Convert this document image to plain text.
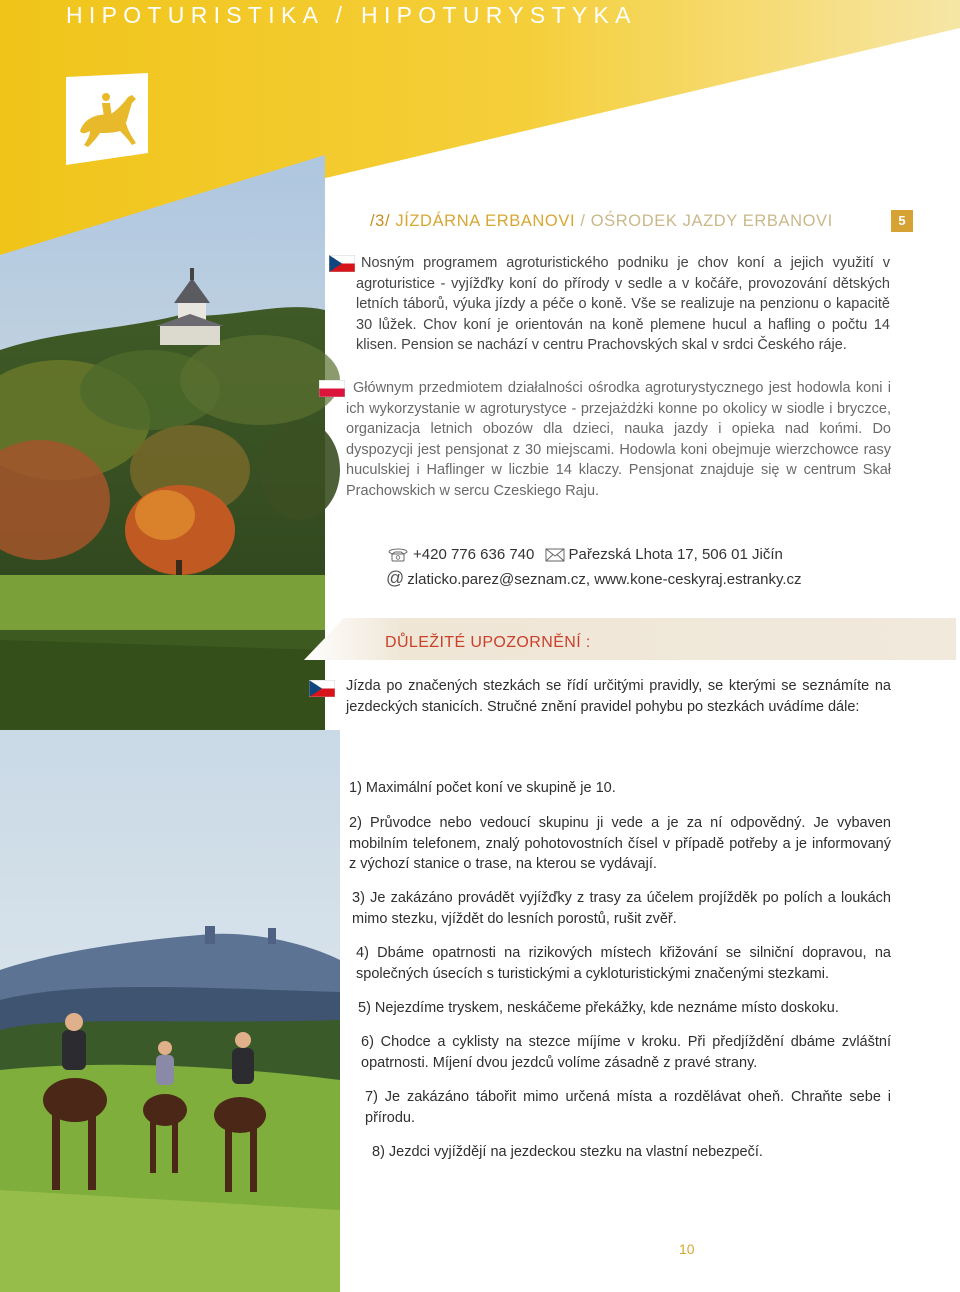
HIPOTURISTIKA / HIPOTURYSTYKA
/3/ JÍZDÁRNA ERBANOVI / OŚRODEK JAZDY ERBANOVI	5

Nosným programem agroturistického podniku je chov koní a jejich využití v agroturistice - vyjížďky koní do přírody v sedle a v kočáře, provozování dětských letních táborů, výuka jízdy a péče o koně. Vše se realizuje na penzionu o kapacitě 30 lůžek. Chov koní je orientován na koně plemene hucul a hafling o počtu 14 klisen. Pension se nachází v centru Prachovských skal v srdci Českého ráje.

Głównym przedmiotem działalności ośrodka agroturystycznego jest hodowla koni i ich wykorzystanie w agroturystyce - przejażdżki konne po okolicy w siodle i bryczce, organizacja letnich obozów dla dzieci, nauka jazdy i opieka nad końmi. Do dyspozycji jest pensjonat z 30 miejscami. Hodowla koni obejmuje wierzchowce rasy huculskiej i Haflinger w liczbie 14 klaczy. Pensjonat znajduje się w centrum Skał Prachowskich w sercu Czeskiego Raju.

+420 776 636 740 Pařezská Lhota 17, 506 01 Jičín
@ zlaticko.parez@seznam.cz, www.kone-ceskyraj.estranky.cz
DŮLEŽITÉ UPOZORNĚNÍ :

Jízda po značených stezkách se řídí určitými pravidly, se kterými se seznámíte na jezdeckých stanicích. Stručné znění pravidel pohybu po stezkách uvádíme dále:

1) Maximální počet koní ve skupině je 10.

2) Průvodce nebo vedoucí skupinu ji vede a je za ní odpovědný. Je vybaven mobilním telefonem, znalý pohotovostních čísel v případě potřeby a je informovaný z výchozí stanice o trase, na kterou se vydávají.

3) Je zakázáno provádět vyjížďky z trasy za účelem projížděk po polích a loukách mimo stezku, vjíždět do lesních porostů, rušit zvěř.

4) Dbáme opatrnosti na rizikových místech křižování se silniční dopravou, na společných úsecích s turistickými a cykloturistickými značenými stezkami.

5) Nejezdíme tryskem, neskáčeme překážky, kde neznáme místo doskoku.

6) Chodce a cyklisty na stezce míjíme v kroku. Při předjíždění dbáme zvláštní opatrnosti. Míjení dvou jezdců volíme zásadně z pravé strany.

7) Je zakázáno tábořit mimo určená místa a rozdělávat oheň. Chraňte sebe i přírodu.

8) Jezdci vyjíždějí na jezdeckou stezku na vlastní nebezpečí.

10
